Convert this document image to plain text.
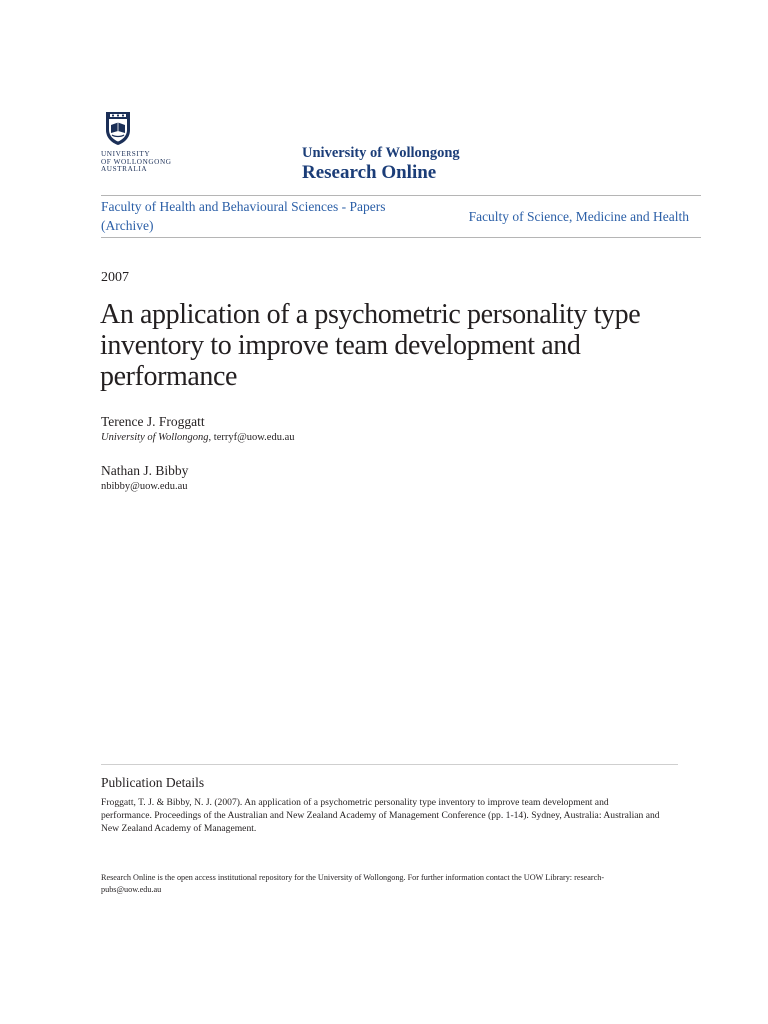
UNIVERSITY
OF WOLLONGONG
AUSTRALIA
University of Wollongong
Research Online
Faculty of Health and Behavioural Sciences - Papers (Archive)
Faculty of Science, Medicine and Health
2007
An application of a psychometric personality type inventory to improve team development and performance
Terence J. Froggatt
University of Wollongong, terryf@uow.edu.au
Nathan J. Bibby
nbibby@uow.edu.au
Publication Details
Froggatt, T. J. & Bibby, N. J. (2007). An application of a psychometric personality type inventory to improve team development and performance. Proceedings of the Australian and New Zealand Academy of Management Conference (pp. 1-14). Sydney, Australia: Australian and New Zealand Academy of Management.
Research Online is the open access institutional repository for the University of Wollongong. For further information contact the UOW Library: research-pubs@uow.edu.au
